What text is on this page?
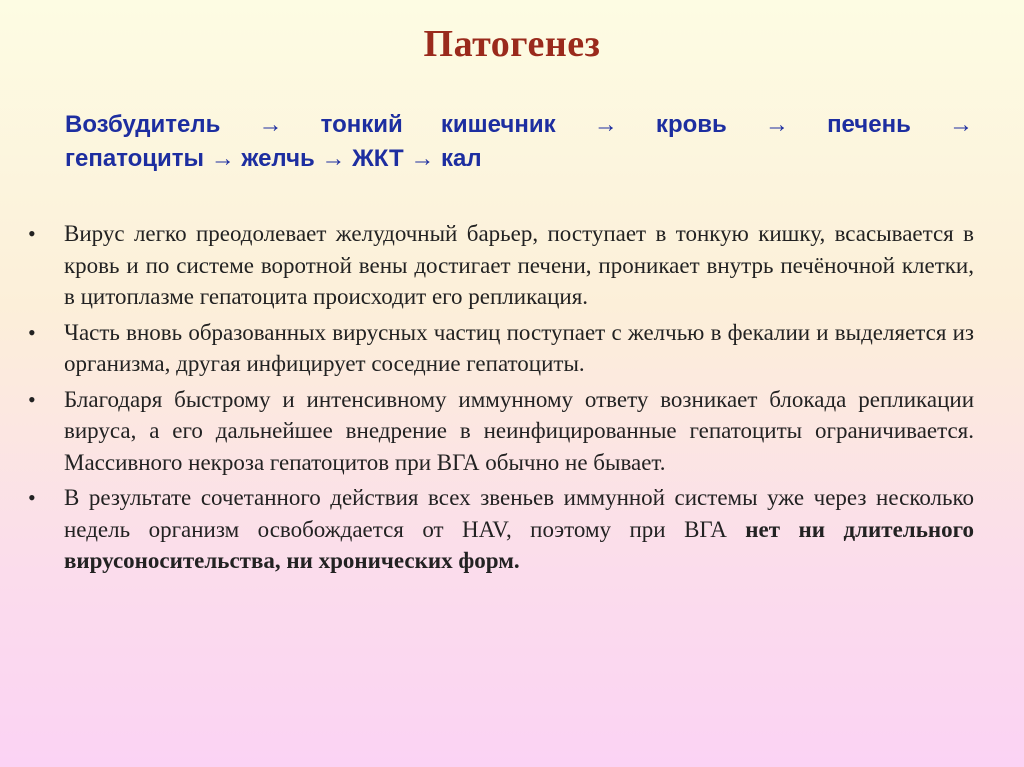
Патогенез
Возбудитель → тонкий кишечник → кровь → печень →
гепатоциты → желчь → ЖКТ → кал
•	Вирус легко преодолевает желудочный барьер, поступает в тонкую кишку, всасывается в кровь и по системе воротной вены достигает печени, проникает внутрь печёночной клетки, в цитоплазме гепатоцита происходит его репликация.
•	Часть вновь образованных вирусных частиц поступает с желчью в фекалии и выделяется из организма, другая инфицирует соседние гепатоциты.
•	Благодаря быстрому и интенсивному иммунному ответу возникает блокада репликации вируса, а его дальнейшее внедрение в неинфицированные гепатоциты ограничивается. Массивного некроза гепатоцитов при ВГА обычно не бывает.
•	В результате сочетанного действия всех звеньев иммунной системы уже через несколько недель организм освобождается от HAV, поэтому при ВГА нет ни длительного вирусоносительства, ни хронических форм.
